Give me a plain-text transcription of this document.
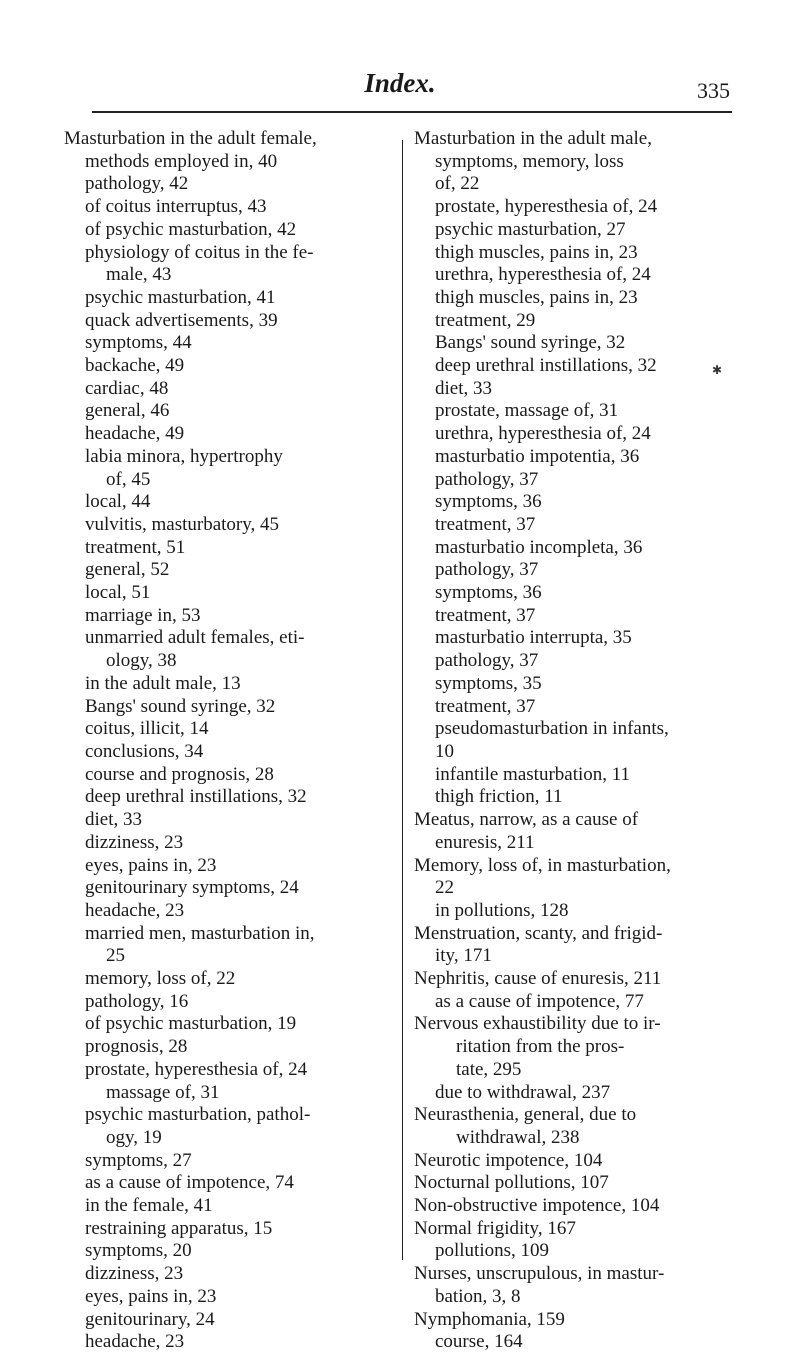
Index.	335
Masturbation in the adult female,
methods employed in, 40
pathology, 42
of coitus interruptus, 43
of psychic masturbation, 42
physiology of coitus in the fe-
male, 43
psychic masturbation, 41
quack advertisements, 39
symptoms, 44
backache, 49
cardiac, 48
general, 46
headache, 49
labia minora, hypertrophy
of, 45
local, 44
vulvitis, masturbatory, 45
treatment, 51
general, 52
local, 51
marriage in, 53
unmarried adult females, eti-
ology, 38
in the adult male, 13
Bangs' sound syringe, 32
coitus, illicit, 14
conclusions, 34
course and prognosis, 28
deep urethral instillations, 32
diet, 33
dizziness, 23
eyes, pains in, 23
genitourinary symptoms, 24
headache, 23
married men, masturbation in,
25
memory, loss of, 22
pathology, 16
of psychic masturbation, 19
prognosis, 28
prostate, hyperesthesia of, 24
massage of, 31
psychic masturbation, pathol-
ogy, 19
symptoms, 27
as a cause of impotence, 74
in the female, 41
restraining apparatus, 15
symptoms, 20
dizziness, 23
eyes, pains in, 23
genitourinary, 24
headache, 23
Masturbation in the adult male,
symptoms, memory, loss
of, 22
prostate, hyperesthesia of, 24
psychic masturbation, 27
thigh muscles, pains in, 23
urethra, hyperesthesia of, 24
thigh muscles, pains in, 23
treatment, 29
Bangs' sound syringe, 32
deep urethral instillations, 32
diet, 33
prostate, massage of, 31
urethra, hyperesthesia of, 24
masturbatio impotentia, 36
pathology, 37
symptoms, 36
treatment, 37
masturbatio incompleta, 36
pathology, 37
symptoms, 36
treatment, 37
masturbatio interrupta, 35
pathology, 37
symptoms, 35
treatment, 37
pseudomasturbation in infants,
10
infantile masturbation, 11
thigh friction, 11
Meatus, narrow, as a cause of
enuresis, 211
Memory, loss of, in masturbation,
22
in pollutions, 128
Menstruation, scanty, and frigid-
ity, 171
Nephritis, cause of enuresis, 211
as a cause of impotence, 77
Nervous exhaustibility due to ir-
ritation from the pros-
tate, 295
due to withdrawal, 237
Neurasthenia, general, due to
withdrawal, 238
Neurotic impotence, 104
Nocturnal pollutions, 107
Non-obstructive impotence, 104
Normal frigidity, 167
pollutions, 109
Nurses, unscrupulous, in mastur-
bation, 3, 8
Nymphomania, 159
course, 164
✱
